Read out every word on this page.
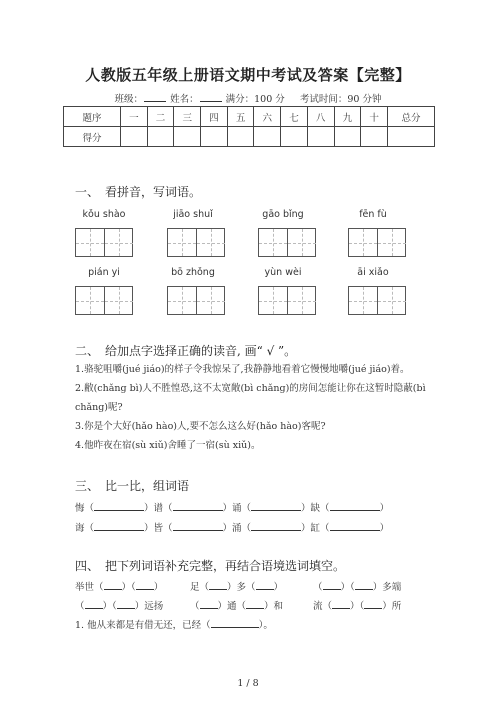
人教版五年级上册语文期中考试及答案【完整】
班级：	姓名：	满分：100 分 考试时间：90 分钟
题序	一	二	三	四	五	六	七	八	九	十	总分
得分											
一、　看拼音，写词语。
kǒu shào	jiāo shuǐ	gāo bǐng	fēn fù
pián yi	bō zhǒng	yùn wèi	āi xiǎo
二、　给加点字选择正确的读音, 画“ √ ”。
1.骆驼咀嚼(jué jiáo)的样子令我惊呆了,我静静地看着它慢慢地嚼(jué jiáo)着。
2.敝(chǎng bì)人不胜惶恐,这不太宽敞(bì chǎng)的房间怎能让你在这暂时隐蔽(bì
chǎng)呢?
3.你是个大好(hǎo hào)人,要不怎么这么好(hǎo hào)客呢?
4.他昨夜在宿(sù xiǔ)舍睡了一宿(sù xiǔ)。
三、　比一比，组词语
悔（	）谱（	）诵（	）缺（	）
诲（	）皆（	）涌（	）缸（	）
四、　把下列词语补充完整，再结合语境选词填空。
举世（ ）（ ）	足（ ）多（ ）	（ ）（ ）多端
（ ）（ ）远扬	（ ）通（ ）和	流（ ）（ ）所
1. 他从来都是有借无还，已经（	）。
1 / 8
